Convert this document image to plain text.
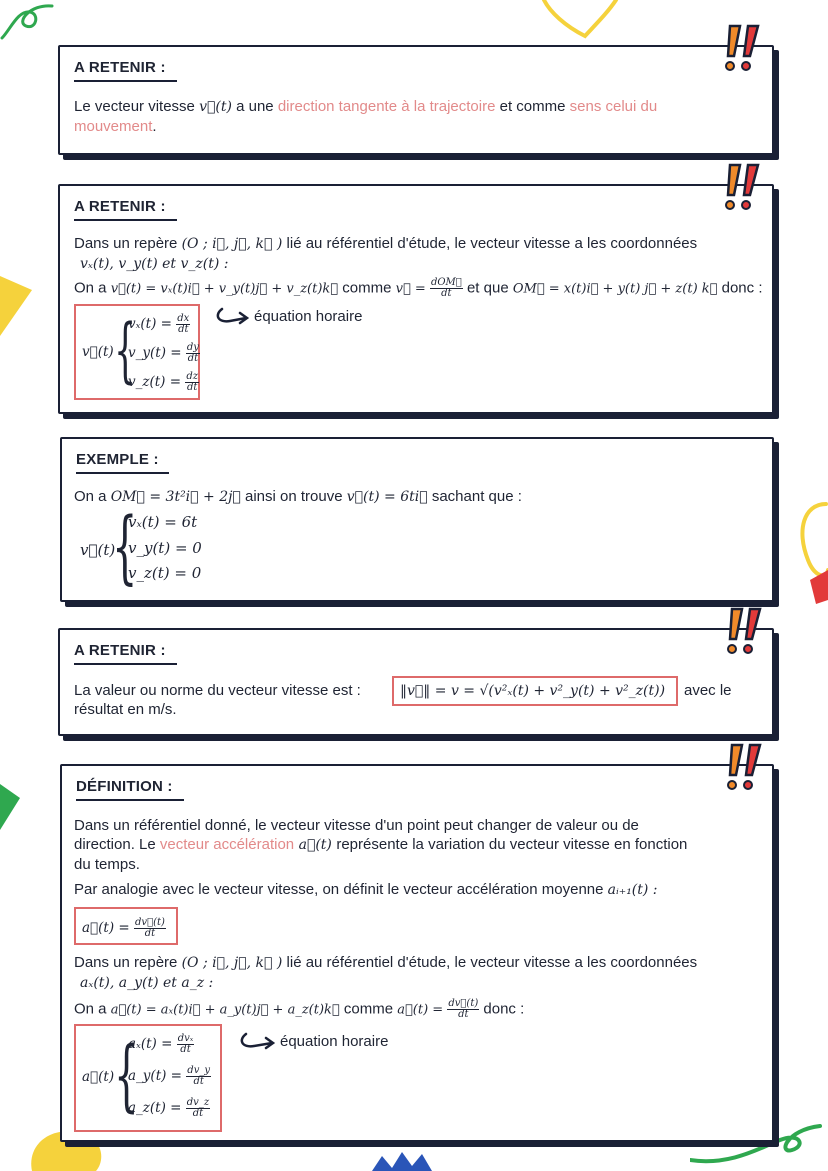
A RETENIR :
Le vecteur vitesse v⃗(t) a une direction tangente à la trajectoire et comme sens celui du
mouvement.
A RETENIR :
Dans un repère (O ; i⃗, j⃗, k⃗ ) lié au référentiel d'étude, le vecteur vitesse a les coordonnées
vₓ(t), v_y(t) et v_z(t) :
On a v⃗(t) = vₓ(t)i⃗ + v_y(t)j⃗ + v_z(t)k⃗ comme v⃗ = $\frac{\text{dOM⃗}}{dt}$ et que OM⃗ = x(t)i⃗ + y(t) j⃗ + z(t) k⃗ donc :
v⃗(t) {
$v_x(t) = \frac{dx}{dt}$
v_y(t) = $\frac{dy}{dt}$
v_z(t) = $\frac{dz}{dt}$
équation horaire
EXEMPLE :
On a OM⃗ = 3t²i⃗ + 2j⃗ ainsi on trouve v⃗(t) = 6ti⃗ sachant que :
v⃗(t)
{
vₓ(t) = 6t
v_y(t) = 0
v_z(t) = 0
A RETENIR :
La valeur ou norme du vecteur vitesse est :	‖v⃗‖ = v = √(v²ₓ(t) + v²_y(t) + v²_z(t)) avec le
résultat en m/s.
DÉFINITION :
Dans un référentiel donné, le vecteur vitesse d'un point peut changer de valeur ou de
direction. Le vecteur accélération a⃗(t) représente la variation du vecteur vitesse en fonction
du temps.
Par analogie avec le vecteur vitesse, on définit le vecteur accélération moyenne aᵢ₊₁(t) :
a⃗(t) = $\frac{dv⃗(t)}{dt}$
Dans un repère (O ; i⃗, j⃗, k⃗ ) lié au référentiel d'étude, le vecteur vitesse a les coordonnées
aₓ(t), a_y(t) et a_z :
On a a⃗(t) = aₓ(t)i⃗ + a_y(t)j⃗ + a_z(t)k⃗ comme a⃗(t) = $\frac{dv⃗(t)}{dt}$ donc :
a⃗(t) {
$a_x(t) = \frac{\text{dvₓ}}{dt}$
a_y(t) = $\frac{dv\_y}{dt}$
a_z(t) = $\frac{dv\_z}{dt}$
équation horaire
